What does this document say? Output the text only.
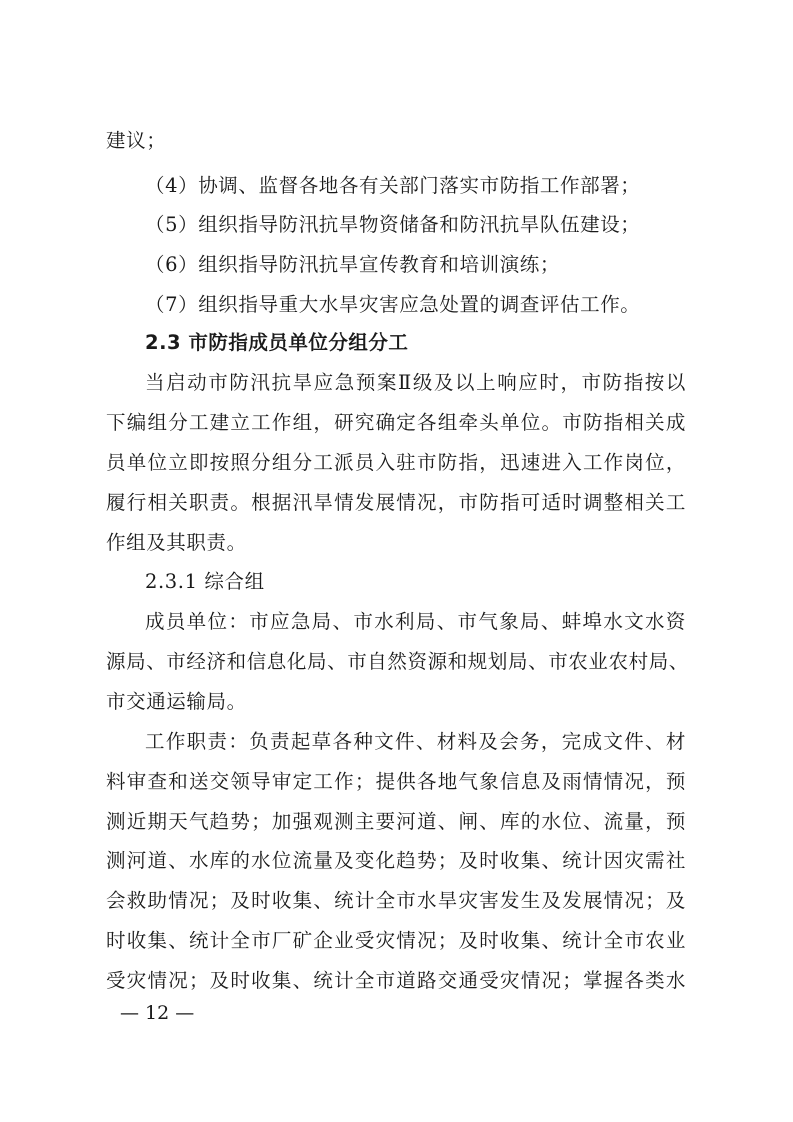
建议；
（4）协调、监督各地各有关部门落实市防指工作部署；
（5）组织指导防汛抗旱物资储备和防汛抗旱队伍建设；
（6）组织指导防汛抗旱宣传教育和培训演练；
（7）组织指导重大水旱灾害应急处置的调查评估工作。
2.3 市防指成员单位分组分工
当启动市防汛抗旱应急预案Ⅱ级及以上响应时，市防指按以
下编组分工建立工作组，研究确定各组牵头单位。市防指相关成
员单位立即按照分组分工派员入驻市防指，迅速进入工作岗位，
履行相关职责。根据汛旱情发展情况，市防指可适时调整相关工
作组及其职责。
2.3.1 综合组
成员单位：市应急局、市水利局、市气象局、蚌埠水文水资
源局、市经济和信息化局、市自然资源和规划局、市农业农村局、
市交通运输局。
工作职责：负责起草各种文件、材料及会务，完成文件、材
料审查和送交领导审定工作；提供各地气象信息及雨情情况，预
测近期天气趋势；加强观测主要河道、闸、库的水位、流量，预
测河道、水库的水位流量及变化趋势；及时收集、统计因灾需社
会救助情况；及时收集、统计全市水旱灾害发生及发展情况；及
时收集、统计全市厂矿企业受灾情况；及时收集、统计全市农业
受灾情况；及时收集、统计全市道路交通受灾情况；掌握各类水
— 12 —
